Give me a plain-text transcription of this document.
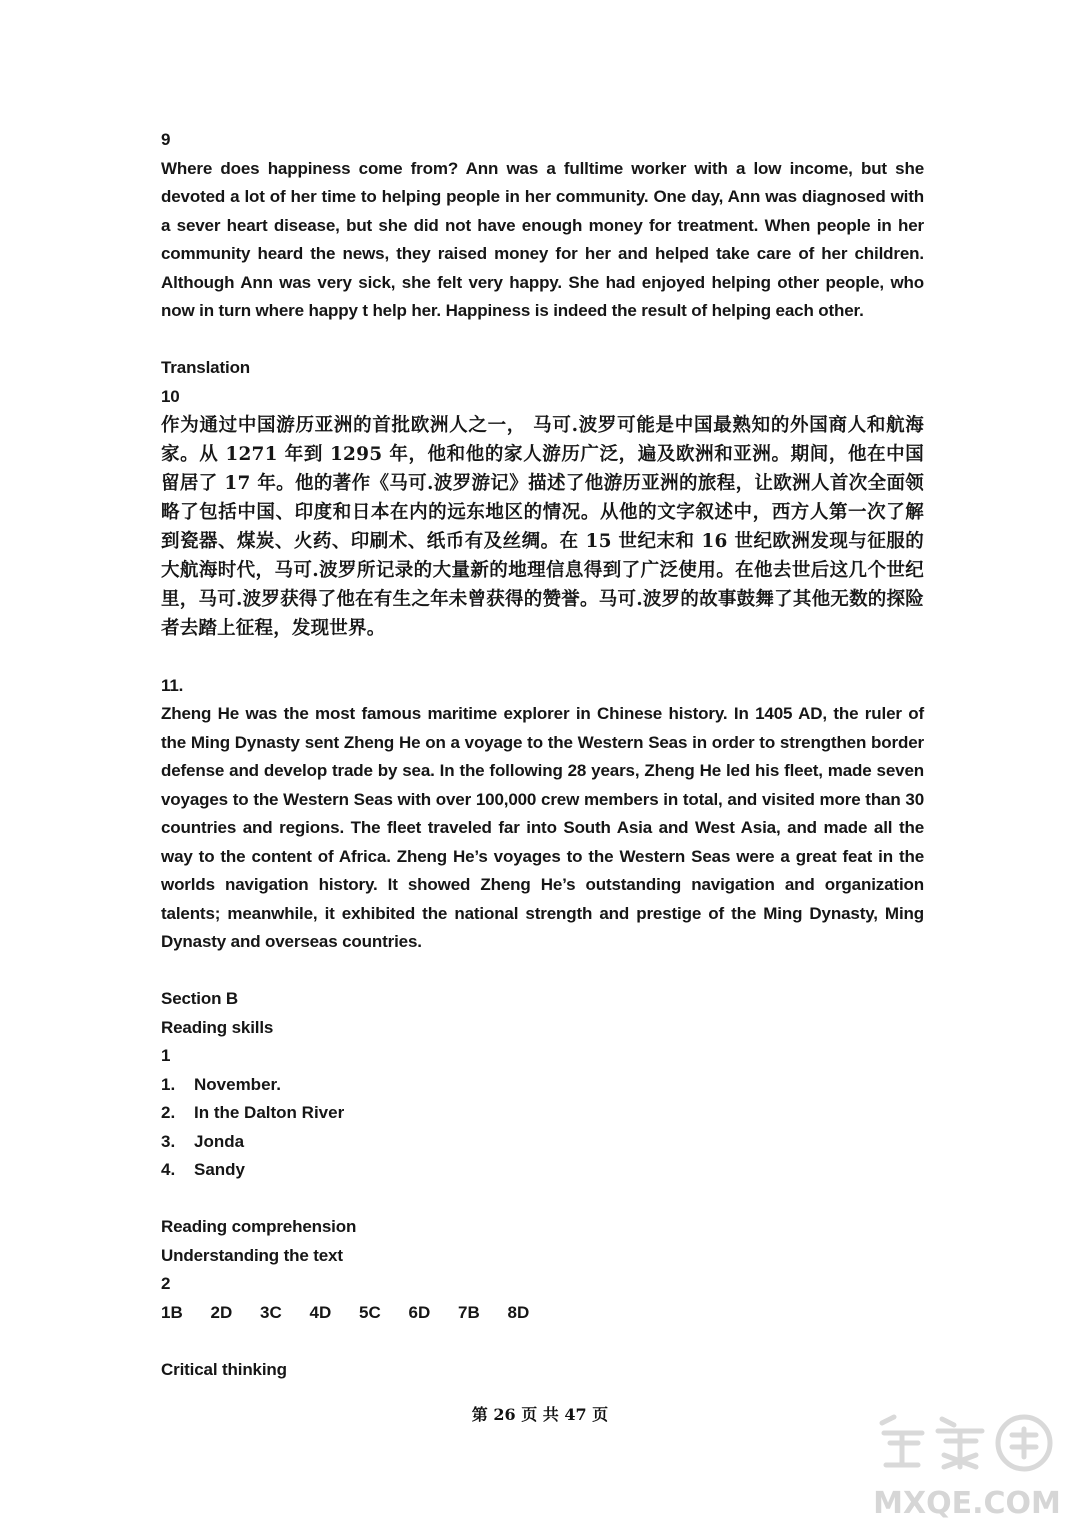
9

Where does happiness come from? Ann was a fulltime worker with a low income, but she devoted a lot of her time to helping people in her community. One day, Ann was diagnosed with a sever heart disease, but she did not have enough money for treatment. When people in her community heard the news, they raised money for her and helped take care of her children. Although Ann was very sick, she felt very happy. She had enjoyed helping other people, who now in turn where happy t help her. Happiness is indeed the result of helping each other.

Translation

10

作为通过中国游历亚洲的首批欧洲人之一， 马可.波罗可能是中国最熟知的外国商人和航海家。从 1271 年到 1295 年，他和他的家人游历广泛，遍及欧洲和亚洲。期间，他在中国留居了 17 年。他的著作《马可.波罗游记》描述了他游历亚洲的旅程，让欧洲人首次全面领略了包括中国、印度和日本在内的远东地区的情况。从他的文字叙述中，西方人第一次了解到瓷器、煤炭、火药、印刷术、纸币有及丝绸。在 15 世纪末和 16 世纪欧洲发现与征服的大航海时代，马可.波罗所记录的大量新的地理信息得到了广泛使用。在他去世后这几个世纪里，马可.波罗获得了他在有生之年未曾获得的赞誉。马可.波罗的故事鼓舞了其他无数的探险者去踏上征程，发现世界。

11.

Zheng He was the most famous maritime explorer in Chinese history. In 1405 AD, the ruler of the Ming Dynasty sent Zheng He on a voyage to the Western Seas in order to strengthen border defense and develop trade by sea. In the following 28 years, Zheng He led his fleet, made seven voyages to the Western Seas with over 100,000 crew members in total, and visited more than 30 countries and regions. The fleet traveled far into South Asia and West Asia, and made all the way to the content of Africa. Zheng He’s voyages to the Western Seas were a great feat in the worlds navigation history. It showed Zheng He’s outstanding navigation and organization talents; meanwhile, it exhibited the national strength and prestige of the Ming Dynasty, Ming Dynasty and overseas countries.

Section B

Reading skills

1

1.	November.
2.	In the Dalton River
3.	Jonda
4.	Sandy

Reading comprehension

Understanding the text

2

1B	2D	3C	4D	5C	6D	7B	8D

Critical thinking

第 26 页 共 47 页
MXQE.COM
